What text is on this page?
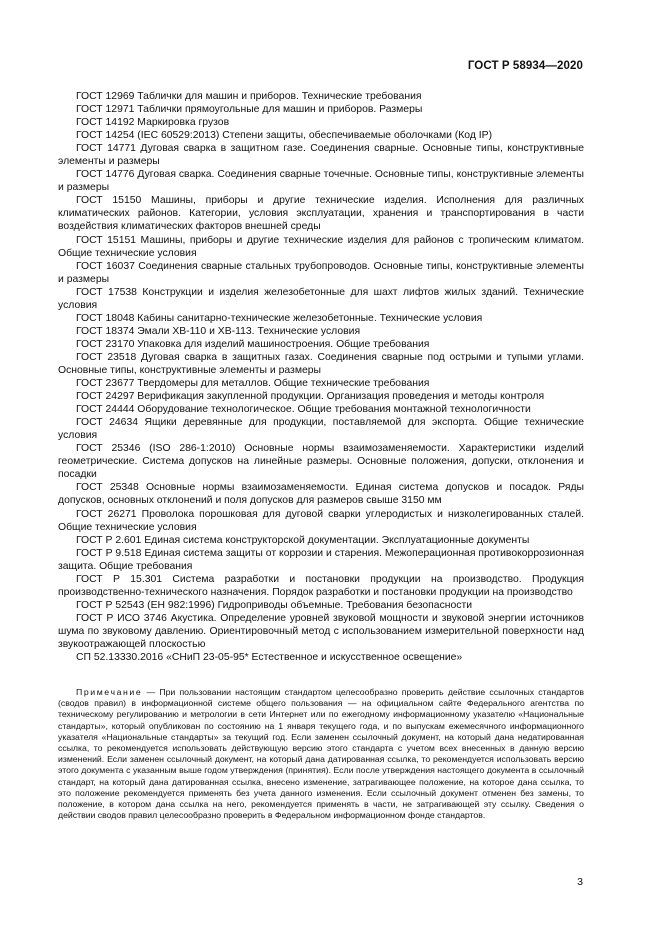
ГОСТ Р 58934—2020

ГОСТ 12969 Таблички для машин и приборов. Технические требования

ГОСТ 12971 Таблички прямоугольные для машин и приборов. Размеры

ГОСТ 14192 Маркировка грузов

ГОСТ 14254 (IEC 60529:2013) Степени защиты, обеспечиваемые оболочками (Код IP)

ГОСТ 14771 Дуговая сварка в защитном газе. Соединения сварные. Основные типы, конструктивные элементы и размеры

ГОСТ 14776 Дуговая сварка. Соединения сварные точечные. Основные типы, конструктивные элементы и размеры

ГОСТ 15150 Машины, приборы и другие технические изделия. Исполнения для различных климатических районов. Категории, условия эксплуатации, хранения и транспортирования в части воздействия климатических факторов внешней среды

ГОСТ 15151 Машины, приборы и другие технические изделия для районов с тропическим климатом. Общие технические условия

ГОСТ 16037 Соединения сварные стальных трубопроводов. Основные типы, конструктивные элементы и размеры

ГОСТ 17538 Конструкции и изделия железобетонные для шахт лифтов жилых зданий. Технические условия

ГОСТ 18048 Кабины санитарно-технические железобетонные. Технические условия

ГОСТ 18374 Эмали ХВ-110 и ХВ-113. Технические условия

ГОСТ 23170 Упаковка для изделий машиностроения. Общие требования

ГОСТ 23518 Дуговая сварка в защитных газах. Соединения сварные под острыми и тупыми углами. Основные типы, конструктивные элементы и размеры

ГОСТ 23677 Твердомеры для металлов. Общие технические требования

ГОСТ 24297 Верификация закупленной продукции. Организация проведения и методы контроля

ГОСТ 24444 Оборудование технологическое. Общие требования монтажной технологичности

ГОСТ 24634 Ящики деревянные для продукции, поставляемой для экспорта. Общие технические условия

ГОСТ 25346 (ISO 286-1:2010) Основные нормы взаимозаменяемости. Характеристики изделий геометрические. Система допусков на линейные размеры. Основные положения, допуски, отклонения и посадки

ГОСТ 25348 Основные нормы взаимозаменяемости. Единая система допусков и посадок. Ряды допусков, основных отклонений и поля допусков для размеров свыше 3150 мм

ГОСТ 26271 Проволока порошковая для дуговой сварки углеродистых и низколегированных сталей. Общие технические условия

ГОСТ Р 2.601 Единая система конструкторской документации. Эксплуатационные документы

ГОСТ Р 9.518 Единая система защиты от коррозии и старения. Межоперационная противокоррозионная защита. Общие требования

ГОСТ Р 15.301 Система разработки и постановки продукции на производство. Продукция производственно-технического назначения. Порядок разработки и постановки продукции на производство

ГОСТ Р 52543 (ЕН 982:1996) Гидроприводы объемные. Требования безопасности

ГОСТ Р ИСО 3746 Акустика. Определение уровней звуковой мощности и звуковой энергии источников шума по звуковому давлению. Ориентировочный метод с использованием измерительной поверхности над звукоотражающей плоскостью

СП 52.13330.2016 «СНиП 23-05-95* Естественное и искусственное освещение»

Примечание — При пользовании настоящим стандартом целесообразно проверить действие ссылочных стандартов (сводов правил) в информационной системе общего пользования — на официальном сайте Федерального агентства по техническому регулированию и метрологии в сети Интернет или по ежегодному информационному указателю «Национальные стандарты», который опубликован по состоянию на 1 января текущего года, и по выпускам ежемесячного информационного указателя «Национальные стандарты» за текущий год. Если заменен ссылочный документ, на который дана недатированная ссылка, то рекомендуется использовать действующую версию этого стандарта с учетом всех внесенных в данную версию изменений. Если заменен ссылочный документ, на который дана датированная ссылка, то рекомендуется использовать версию этого документа с указанным выше годом утверждения (принятия). Если после утверждения настоящего документа в ссылочный стандарт, на который дана датированная ссылка, внесено изменение, затрагивающее положение, на которое дана ссылка, то это положение рекомендуется применять без учета данного изменения. Если ссылочный документ отменен без замены, то положение, в котором дана ссылка на него, рекомендуется применять в части, не затрагивающей эту ссылку. Сведения о действии сводов правил целесообразно проверить в Федеральном информационном фонде стандартов.

3
